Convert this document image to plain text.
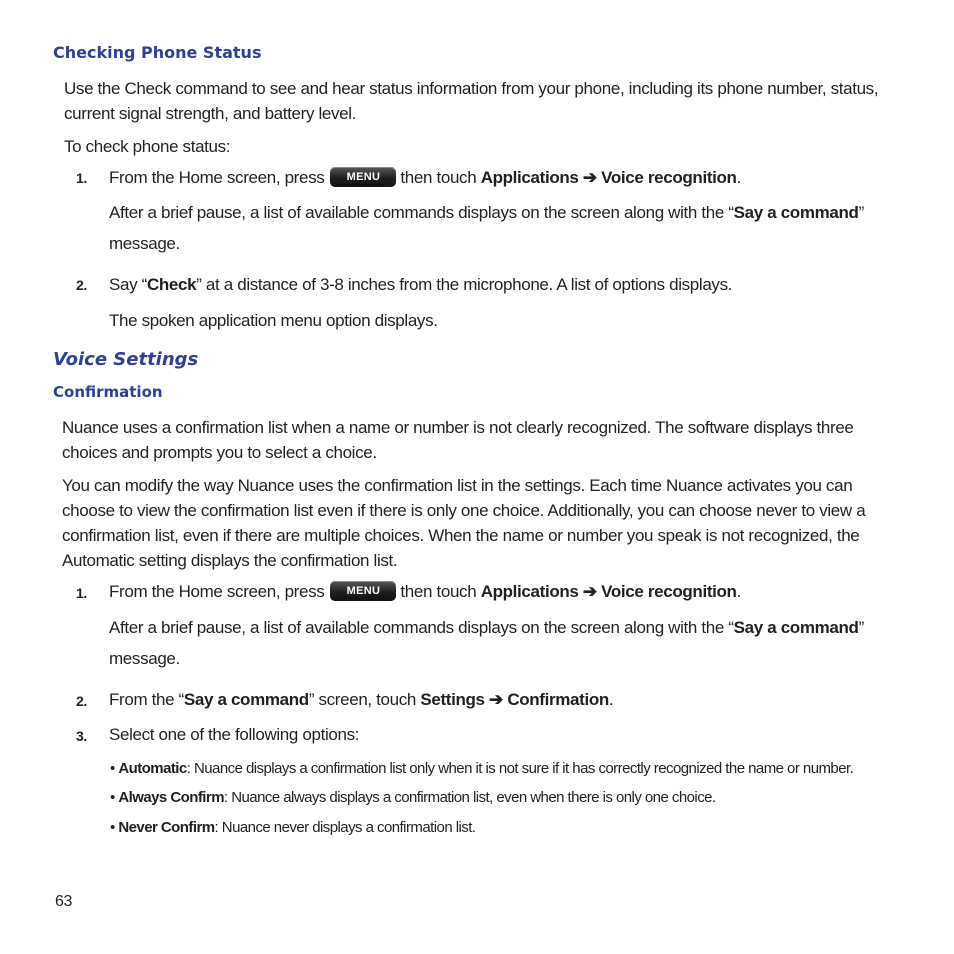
Checking Phone Status
Use the Check command to see and hear status information from your phone, including its phone number, status,
current signal strength, and battery level.
To check phone status:
1. From the Home screen, press MENU then touch Applications ➔ Voice recognition.
After a brief pause, a list of available commands displays on the screen along with the “Say a command”
message.
2. Say “Check” at a distance of 3-8 inches from the microphone. A list of options displays.
The spoken application menu option displays.
Voice Settings
Confirmation
Nuance uses a confirmation list when a name or number is not clearly recognized. The software displays three
choices and prompts you to select a choice.
You can modify the way Nuance uses the confirmation list in the settings. Each time Nuance activates you can
choose to view the confirmation list even if there is only one choice. Additionally, you can choose never to view a
confirmation list, even if there are multiple choices. When the name or number you speak is not recognized, the
Automatic setting displays the confirmation list.
1. From the Home screen, press MENU then touch Applications ➔ Voice recognition.
After a brief pause, a list of available commands displays on the screen along with the “Say a command”
message.
2. From the “Say a command” screen, touch Settings ➔ Confirmation.
3. Select one of the following options:
• Automatic: Nuance displays a confirmation list only when it is not sure if it has correctly recognized the name or number.
• Always Confirm: Nuance always displays a confirmation list, even when there is only one choice.
• Never Confirm: Nuance never displays a confirmation list.
63
